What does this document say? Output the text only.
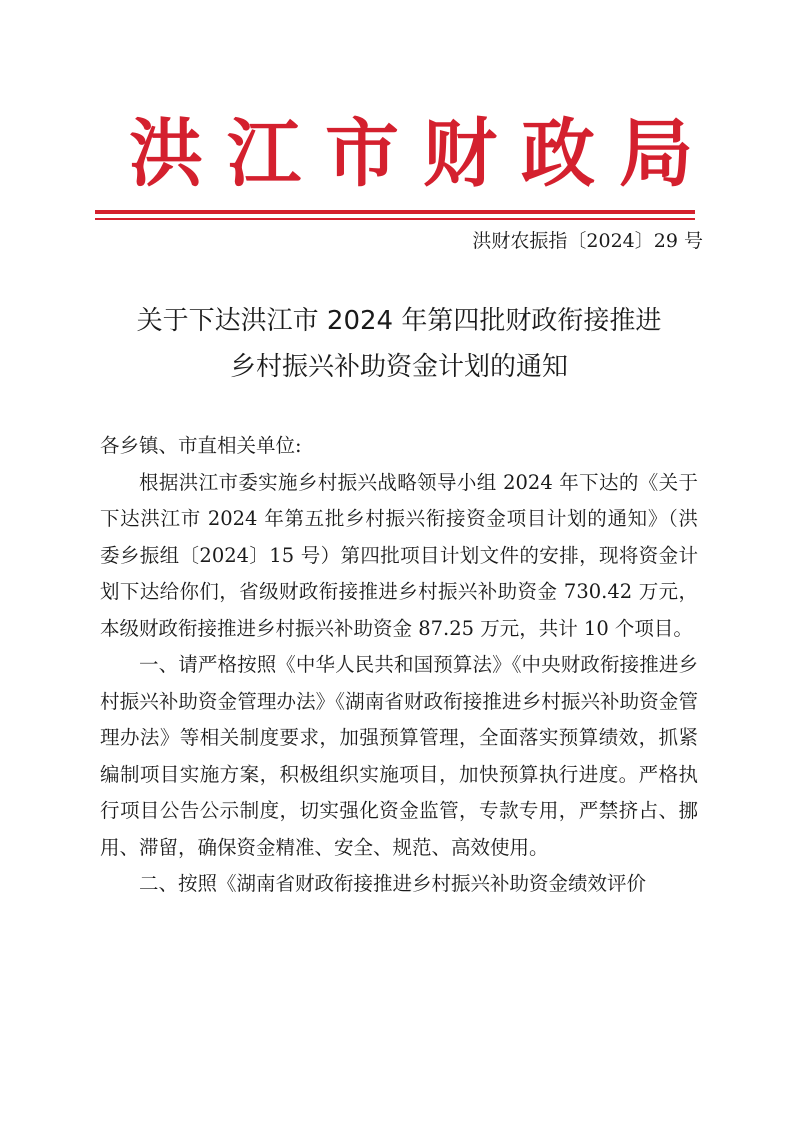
洪江市财政局
洪财农振指〔2024〕29 号
关于下达洪江市 2024 年第四批财政衔接推进
乡村振兴补助资金计划的通知

各乡镇、市直相关单位:

根据洪江市委实施乡村振兴战略领导小组 2024 年下达的《关于下达洪江市 2024 年第五批乡村振兴衔接资金项目计划的通知》（洪委乡振组〔2024〕15 号）第四批项目计划文件的安排，现将资金计划下达给你们，省级财政衔接推进乡村振兴补助资金 730.42 万元，本级财政衔接推进乡村振兴补助资金 87.25 万元，共计 10 个项目。

一、请严格按照《中华人民共和国预算法》《中央财政衔接推进乡村振兴补助资金管理办法》《湖南省财政衔接推进乡村振兴补助资金管理办法》等相关制度要求，加强预算管理，全面落实预算绩效，抓紧编制项目实施方案，积极组织实施项目，加快预算执行进度。严格执行项目公告公示制度，切实强化资金监管，专款专用，严禁挤占、挪用、滞留，确保资金精准、安全、规范、高效使用。

二、按照《湖南省财政衔接推进乡村振兴补助资金绩效评价
